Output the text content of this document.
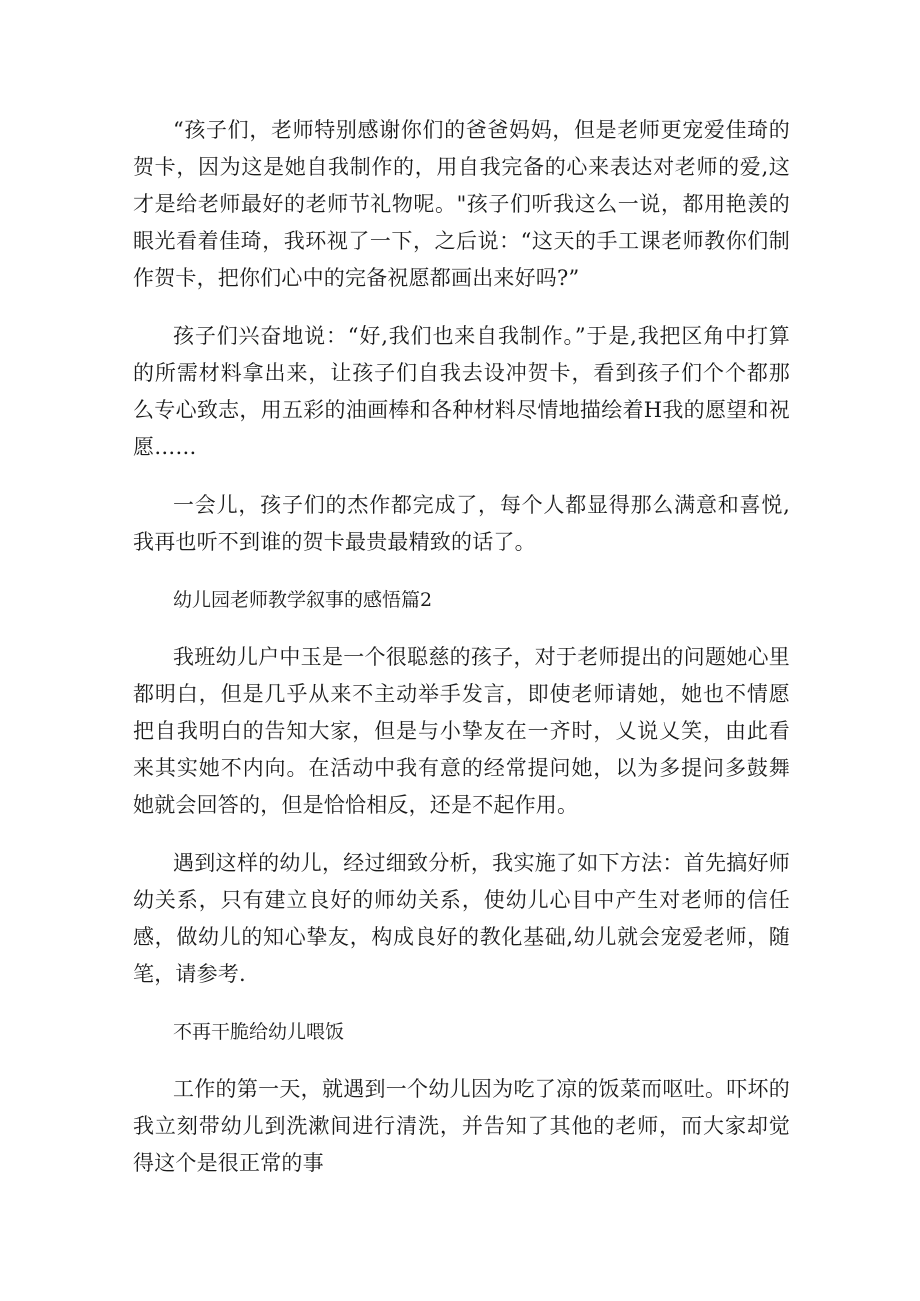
“孩子们，老师特别感谢你们的爸爸妈妈，但是老师更宠爱佳琦的贺卡，因为这是她自我制作的，用自我完备的心来表达对老师的爱,这才是给老师最好的老师节礼物呢。"孩子们听我这么一说，都用艳羡的眼光看着佳琦，我环视了一下，之后说：“这天的手工课老师教你们制作贺卡，把你们心中的完备祝愿都画出来好吗?”

孩子们兴奋地说：“好,我们也来自我制作。”于是,我把区角中打算的所需材料拿出来，让孩子们自我去设冲贺卡，看到孩子们个个都那么专心致志，用五彩的油画棒和各种材料尽情地描绘着H我的愿望和祝愿……

一会儿，孩子们的杰作都完成了，每个人都显得那么满意和喜悦,我再也听不到谁的贺卡最贵最精致的话了。

幼儿园老师教学叙事的感悟篇2

我班幼儿户中玉是一个很聪慈的孩子，对于老师提出的问题她心里都明白，但是几乎从来不主动举手发言，即使老师请她，她也不情愿把自我明白的告知大家，但是与小挚友在一齐时，乂说乂笑，由此看来其实她不内向。在活动中我有意的经常提问她，以为多提问多鼓舞她就会回答的，但是恰恰相反，还是不起作用。

遇到这样的幼儿，经过细致分析，我实施了如下方法：首先搞好师幼关系，只有建立良好的师幼关系，使幼儿心目中产生对老师的信任感，做幼儿的知心挚友，构成良好的教化基础,幼儿就会宠爱老师，随笔，请参考.

不再干脆给幼儿喂饭

工作的第一天，就遇到一个幼儿因为吃了凉的饭菜而呕吐。吓坏的我立刻带幼儿到洗漱间进行清洗，并告知了其他的老师，而大家却觉得这个是很正常的事
